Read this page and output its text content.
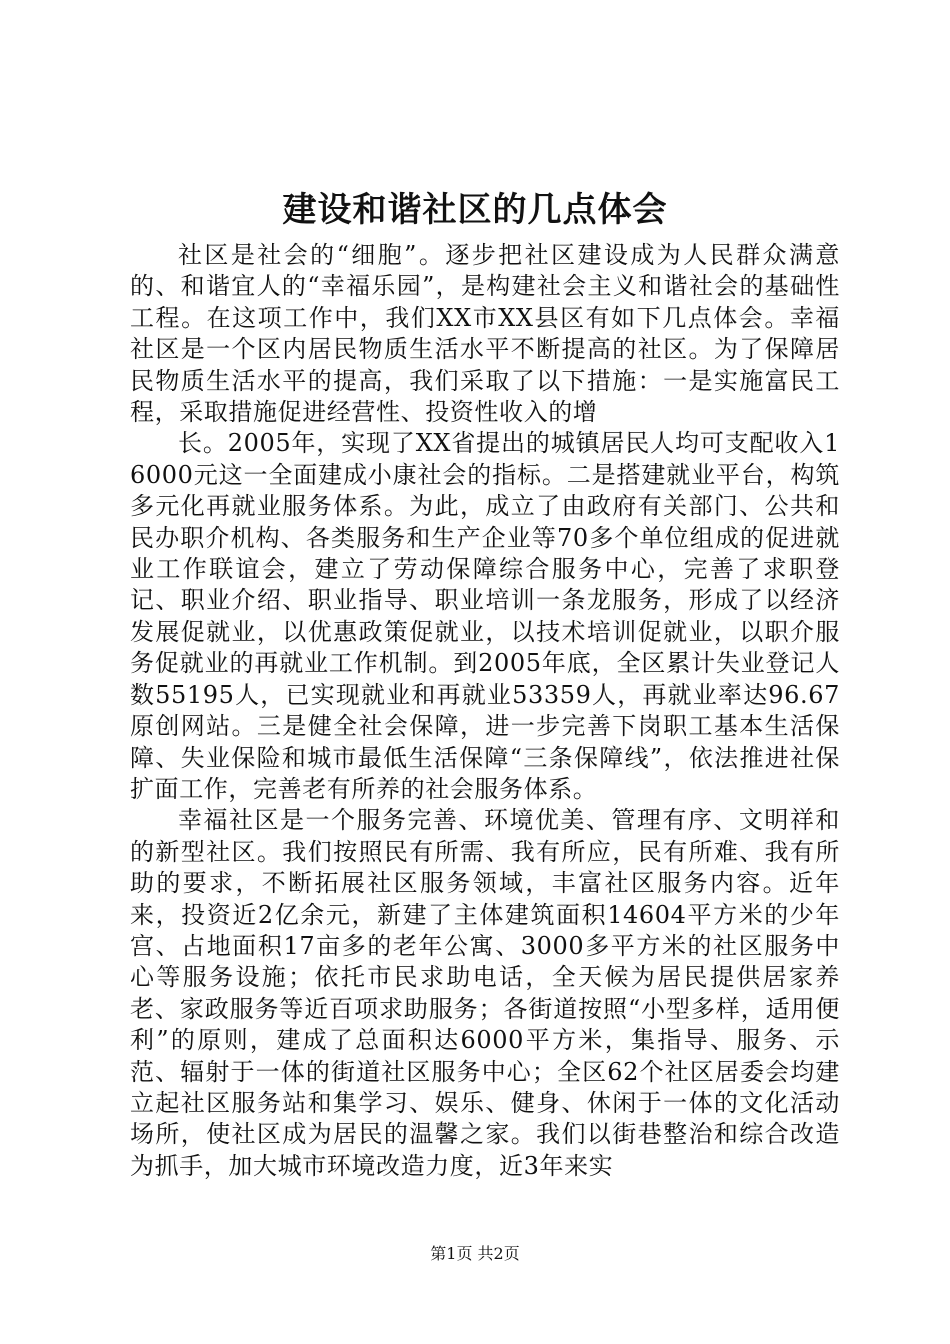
建设和谐社区的几点体会

社区是社会的“细胞”。逐步把社区建设成为人民群众满意的、和谐宜人的“幸福乐园”，是构建社会主义和谐社会的基础性工程。在这项工作中，我们XX市XX县区有如下几点体会。幸福社区是一个区内居民物质生活水平不断提高的社区。为了保障居民物质生活水平的提高，我们采取了以下措施：一是实施富民工程，采取措施促进经营性、投资性收入的增

长。2005年，实现了XX省提出的城镇居民人均可支配收入16000元这一全面建成小康社会的指标。二是搭建就业平台，构筑多元化再就业服务体系。为此，成立了由政府有关部门、公共和民办职介机构、各类服务和生产企业等70多个单位组成的促进就业工作联谊会，建立了劳动保障综合服务中心，完善了求职登记、职业介绍、职业指导、职业培训一条龙服务，形成了以经济发展促就业，以优惠政策促就业，以技术培训促就业，以职介服务促就业的再就业工作机制。到2005年底，全区累计失业登记人数55195人，已实现就业和再就业53359人，再就业率达96.67原创网站。三是健全社会保障，进一步完善下岗职工基本生活保障、失业保险和城市最低生活保障“三条保障线”，依法推进社保扩面工作，完善老有所养的社会服务体系。

幸福社区是一个服务完善、环境优美、管理有序、文明祥和的新型社区。我们按照民有所需、我有所应，民有所难、我有所助的要求，不断拓展社区服务领域，丰富社区服务内容。近年来，投资近2亿余元，新建了主体建筑面积14604平方米的少年宫、占地面积17亩多的老年公寓、3000多平方米的社区服务中心等服务设施；依托市民求助电话，全天候为居民提供居家养老、家政服务等近百项求助服务；各街道按照“小型多样，适用便利”的原则，建成了总面积达6000平方米，集指导、服务、示范、辐射于一体的街道社区服务中心；全区62个社区居委会均建立起社区服务站和集学习、娱乐、健身、休闲于一体的文化活动场所，使社区成为居民的温馨之家。我们以街巷整治和综合改造为抓手，加大城市环境改造力度，近3年来实

第1页 共2页
